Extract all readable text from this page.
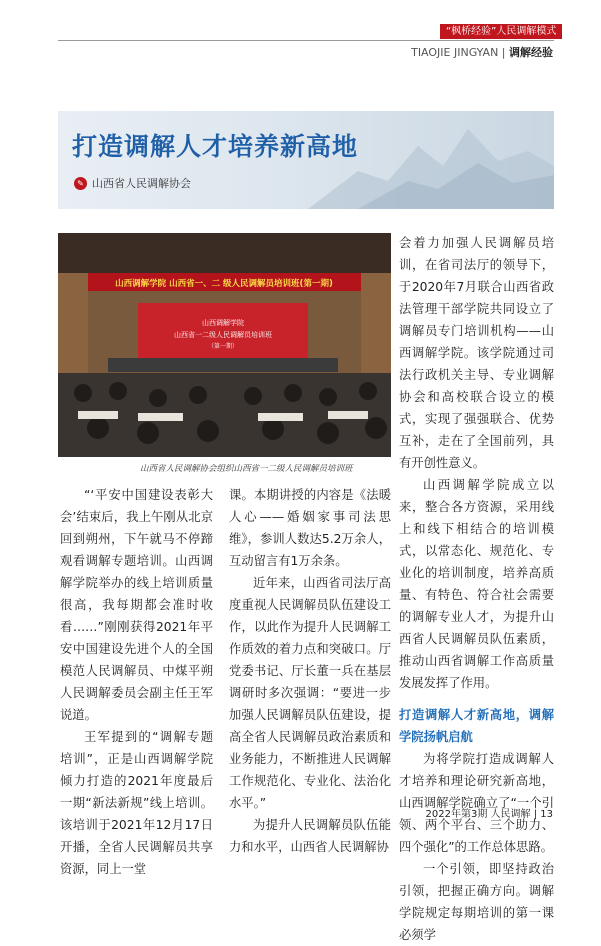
“枫桥经验”人民调解模式
TIAOJIE JINGYAN | 调解经验
打造调解人才培养新高地
✎ 山西省人民调解协会
山西调解学院 山西省一、二 级人民调解员培训班(第一期)
山西调解学院
山西省一二级人民调解员培训班
（第一期）
山西省人民调解协会组织山西省一二级人民调解员培训班

“‘平安中国建设表彰大会’结束后，我上午刚从北京回到朔州，下午就马不停蹄观看调解专题培训。山西调解学院举办的线上培训质量很高，我每期都会准时收看……”刚刚获得2021年平安中国建设先进个人的全国模范人民调解员、中煤平朔人民调解委员会副主任王军说道。

王军提到的“调解专题培训”，正是山西调解学院倾力打造的2021年度最后一期“新法新规”线上培训。该培训于2021年12月17日开播，全省人民调解员共享资源，同上一堂

课。本期讲授的内容是《法暖人心——婚姻家事司法思维》，参训人数达5.2万余人，互动留言有1万余条。

近年来，山西省司法厅高度重视人民调解员队伍建设工作，以此作为提升人民调解工作质效的着力点和突破口。厅党委书记、厅长董一兵在基层调研时多次强调：“要进一步加强人民调解员队伍建设，提高全省人民调解员政治素质和业务能力，不断推进人民调解工作规范化、专业化、法治化水平。”

为提升人民调解员队伍能力和水平，山西省人民调解协

会着力加强人民调解员培训，在省司法厅的领导下，于2020年7月联合山西省政法管理干部学院共同设立了调解员专门培训机构——山西调解学院。该学院通过司法行政机关主导、专业调解协会和高校联合设立的模式，实现了强强联合、优势互补，走在了全国前列，具有开创性意义。

山西调解学院成立以来，整合各方资源，采用线上和线下相结合的培训模式，以常态化、规范化、专业化的培训制度，培养高质量、有特色、符合社会需要的调解专业人才，为提升山西省人民调解员队伍素质，推动山西省调解工作高质量发展发挥了作用。

打造调解人才新高地，调解学院扬帆启航

为将学院打造成调解人才培养和理论研究新高地，山西调解学院确立了“一个引领、两个平台、三个助力、四个强化”的工作总体思路。

一个引领，即坚持政治引领，把握正确方向。调解学院规定每期培训的第一课必须学

2022年第3期 人民调解 | 13
